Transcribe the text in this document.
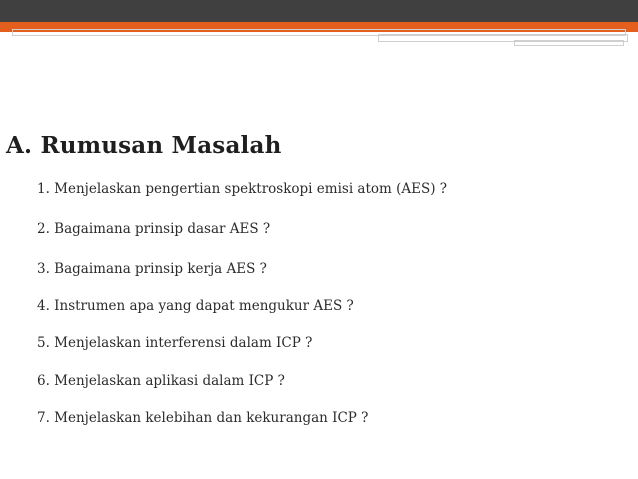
A. Rumusan Masalah
1. Menjelaskan pengertian spektroskopi emisi atom (AES) ?
2. Bagaimana prinsip dasar AES ?
3. Bagaimana prinsip kerja AES ?
4. Instrumen apa yang dapat mengukur AES ?
5. Menjelaskan interferensi dalam ICP ?
6. Menjelaskan aplikasi dalam ICP ?
7. Menjelaskan kelebihan dan kekurangan ICP ?
